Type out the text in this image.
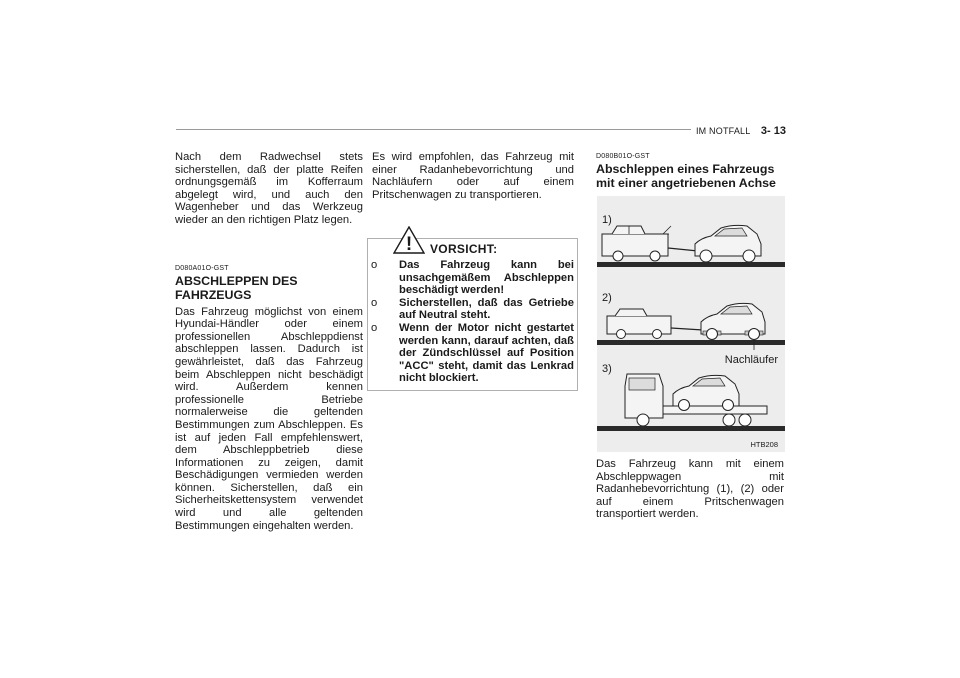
IM NOTFALL 3- 13

Nach dem Radwechsel stets sicherstellen, daß der platte Reifen ordnungsgemäß im Kofferraum abgelegt wird, und auch den Wagenheber und das Werkzeug wieder an den richtigen Platz legen.

D080A01O-GST

ABSCHLEPPEN DES FAHRZEUGS

Das Fahrzeug möglichst von einem Hyundai-Händler oder einem professionellen Abschleppdienst abschleppen lassen. Dadurch ist gewährleistet, daß das Fahrzeug beim Abschleppen nicht beschädigt wird. Außerdem kennen professionelle Betriebe normalerweise die geltenden Bestimmungen zum Abschleppen. Es ist auf jeden Fall empfehlenswert, dem Abschleppbetrieb diese Informationen zu zeigen, damit Beschädigungen vermieden werden können. Sicherstellen, daß ein Sicherheitskettensystem verwendet wird und alle geltenden Bestimmungen eingehalten werden.

Es wird empfohlen, das Fahrzeug mit einer Radanhebevorrichtung und Nachläufern oder auf einem Pritschenwagen zu transportieren.

! VORSICHT:
o Das Fahrzeug kann bei unsachgemäßem Abschleppen beschädigt werden!
o Sicherstellen, daß das Getriebe auf Neutral steht.
o Wenn der Motor nicht gestartet werden kann, darauf achten, daß der Zündschlüssel auf Position "ACC" steht, damit das Lenkrad nicht blockiert.

D080B01O-GST

Abschleppen eines Fahrzeugs mit einer angetriebenen Achse

1)
2)
Nachläufer
3)
HTB208

Das Fahrzeug kann mit einem Abschleppwagen mit Radanhebevorrichtung (1), (2) oder auf einem Pritschenwagen transportiert werden.
